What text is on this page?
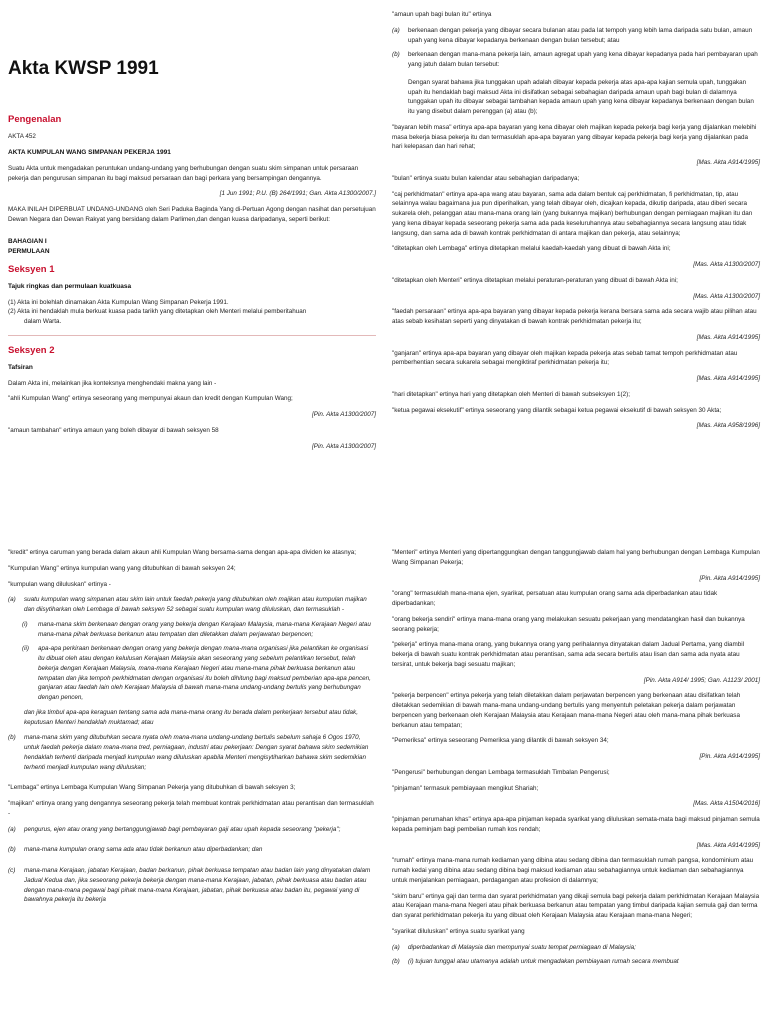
Akta KWSP 1991
Pengenalan

AKTA 452

AKTA KUMPULAN WANG SIMPANAN PEKERJA 1991

Suatu Akta untuk mengadakan peruntukan undang-undang yang berhubungan dengan suatu skim simpanan untuk persaraan pekerja dan pengurusan simpanan itu bagi maksud persaraan dan bagi perkara yang bersampingan dengannya.

[1 Jun 1991; P.U. (B) 264/1991; Gan. Akta A1300/2007.]

MAKA INILAH DIPERBUAT UNDANG-UNDANG oleh Seri Paduka Baginda Yang di-Pertuan Agong dengan nasihat dan persetujuan Dewan Negara dan Dewan Rakyat yang bersidang dalam Parlimen,dan dengan kuasa daripadanya, seperti berikut:

BAHAGIAN I
PERMULAAN
Seksyen 1

Tajuk ringkas dan permulaan kuatkuasa

(1) Akta ini bolehlah dinamakan Akta Kumpulan Wang Simpanan Pekerja 1991.
(2) Akta ini hendaklah mula berkuat kuasa pada tarikh yang ditetapkan oleh Menteri melalui pemberitahuan
dalam Warta.
Seksyen 2

Tafsiran

Dalam Akta ini, melainkan jika konteksnya menghendaki makna yang lain -

"ahli Kumpulan Wang" ertinya seseorang yang mempunyai akaun dan kredit dengan Kumpulan Wang;

[Pin. Akta A1300/2007]

"amaun tambahan" ertinya amaun yang boleh dibayar di bawah seksyen 58

[Pin. Akta A1300/2007]

"amaun upah bagi bulan itu" ertinya

(a)	berkenaan dengan pekerja yang dibayar secara bulanan atau pada lat tempoh yang lebih lama daripada satu bulan, amaun upah yang kena dibayar kepadanya berkenaan dengan bulan tersebut; atau
(b)	berkenaan dengan mana-mana pekerja lain, amaun agregat upah yang kena dibayar kepadanya pada hari pembayaran upah yang jatuh dalam bulan tersebut:

Dengan syarat bahawa jika tunggakan upah adalah dibayar kepada pekerja atas apa-apa kajian semula upah, tunggakan upah itu hendaklah bagi maksud Akta ini disifatkan sebagai sebahagian daripada amaun upah bagi bulan di dalamnya tunggakan upah itu dibayar sebagai tambahan kepada amaun upah yang kena dibayar kepadanya berkenaan dengan bulan itu yang disebut dalam perenggan (a) atau (b);

"bayaran lebih masa" ertinya apa-apa bayaran yang kena dibayar oleh majikan kepada pekerja bagi kerja yang dijalankan melebihi masa bekerja biasa pekerja itu dan termasuklah apa-apa bayaran yang dibayar kepada pekerja bagi kerja yang dijalankan pada hari kelepasan dan hari rehat;

[Mas. Akta A914/1995]

"bulan" ertinya suatu bulan kalendar atau sebahagian daripadanya;

"caj perkhidmatan" ertinya apa-apa wang atau bayaran, sama ada dalam bentuk caj perkhidmatan, fi perkhidmatan, tip, atau selainnya walau bagaimana jua pun diperihalkan, yang telah dibayar oleh, dicajkan kepada, dikutip daripada, atau diberi secara sukarela oleh, pelanggan atau mana-mana orang lain (yang bukannya majikan) berhubungan dengan perniagaan majikan itu dan yang kena dibayar kepada seseorang pekerja sama ada pada keseluruhannya atau sebahagiannya secara langsung atau tidak langsung, dan sama ada di bawah kontrak perkhidmatan di antara majikan dan pekerja, atau selainnya;

"ditetapkan oleh Lembaga" ertinya ditetapkan melalui kaedah-kaedah yang dibuat di bawah Akta ini;

[Mas. Akta A1300/2007]

"ditetapkan oleh Menteri" ertinya ditetapkan melalui peraturan-peraturan yang dibuat di bawah Akta ini;

[Mas. Akta A1300/2007]

"faedah persaraan" ertinya apa-apa bayaran yang dibayar kepada pekerja kerana bersara sama ada secara wajib atau pilihan atau atas sebab kesihatan seperti yang dinyatakan di bawah kontrak perkhidmatan pekerja itu;

[Mas. Akta A914/1995]

"ganjaran" ertinya apa-apa bayaran yang dibayar oleh majikan kepada pekerja atas sebab tamat tempoh perkhidmatan atau pemberhentian secara sukarela sebagai mengiktiraf perkhidmatan pekerja itu;

[Mas. Akta A914/1995]

"hari ditetapkan" ertinya hari yang ditetapkan oleh Menteri di bawah subseksyen 1(2);

"ketua pegawai eksekutif" ertinya seseorang yang dilantik sebagai ketua pegawai eksekutif di bawah seksyen 30 Akta;

[Mas. Akta A958/1996]

"kredit" ertinya caruman yang berada dalam akaun ahli Kumpulan Wang bersama-sama dengan apa-apa dividen ke atasnya;

"Kumpulan Wang" ertinya kumpulan wang yang ditubuhkan di bawah seksyen 24;

"kumpulan wang diluluskan" ertinya -

(a)	suatu kumpulan wang simpanan atau skim lain untuk faedah pekerja yang ditubuhkan oleh majikan atau kumpulan majikan dan diisytiharkan oleh Lembaga di bawah seksyen 52 sebagai suatu kumpulan wang diluluskan, dan termasuklah -
(i)	mana-mana skim berkenaan dengan orang yang bekerja dengan Kerajaan Malaysia, mana-mana Kerajaan Negeri atau mana-mana pihak berkuasa berkanun atau tempatan dan diletakkan dalam perjawatan berpencen;
(ii)	apa-apa perkiraan berkenaan dengan orang yang bekerja dengan mana-mana organisasi jika pelantikan ke organisasi itu dibuat oleh atau dengan kelulusan Kerajaan Malaysia akan seseorang yang sebelum pelantikan tersebut, telah bekerja dengan Kerajaan Malaysia, mana-mana Kerajaan Negeri atau mana-mana pihak berkuasa berkanun atau tempatan dan jika tempoh perkhidmatan dengan organisasi itu boleh dihitung bagi maksud pemberian apa-apa pencen, ganjaran atau faedah lain oleh Kerajaan Malaysia di bawah mana-mana undang-undang bertulis yang berhubungan dengan pencen,

dan jika timbul apa-apa keraguan tentang sama ada mana-mana orang itu berada dalam perkerjaan tersebut atau tidak, keputusan Menteri hendaklah muktamad; atau

(b)	mana-mana skim yang ditubuhkan secara nyata oleh mana-mana undang-undang bertulis sebelum sahaja 6 Ogos 1970, untuk faedah pekerja dalam mana-mana tred, perniagaan, industri atau pekerjaan: Dengan syarat bahawa skim sedemikian hendaklah terhenti daripada menjadi kumpulan wang diluluskan apabila Menteri mengisytiharkan bahawa skim sedemikian terhenti menjadi kumpulan wang diluluskan;

"Lembaga" ertinya Lembaga Kumpulan Wang Simpanan Pekerja yang ditubuhkan di bawah seksyen 3;

"majikan" ertinya orang yang dengannya seseorang pekerja telah membuat kontrak perkhidmatan atau perantisan dan termasuklah -

(a)	pengurus, ejen atau orang yang bertanggungjawab bagi pembayaran gaji atau upah kepada seseorang "pekerja";
(b)	mana-mana kumpulan orang sama ada atau tidak berkanun atau diperbadankan; dan
(c)	mana-mana Kerajaan, jabatan Kerajaan, badan berkanun, pihak berkuasa tempatan atau badan lain yang dinyatakan dalam Jadual Kedua dan, jika seseorang pekerja bekerja dengan mana-mana Kerajaan, jabatan, pihak berkuasa atau badan atau dengan mana-mana pegawai bagi pihak mana-mana Kerajaan, jabatan, pihak berkuasa atau badan itu, pegawai yang di bawahnya pekerja itu bekerja

"Menteri" ertinya Menteri yang dipertanggungkan dengan tanggungjawab dalam hal yang berhubungan dengan Lembaga Kumpulan Wang Simpanan Pekerja;

[Pin. Akta A914/1995]

"orang" termasuklah mana-mana ejen, syarikat, persatuan atau kumpulan orang sama ada diperbadankan atau tidak diperbadankan;

"orang bekerja sendiri" ertinya mana-mana orang yang melakukan sesuatu pekerjaan yang mendatangkan hasil dan bukannya seorang pekerja;

"pekerja" ertinya mana-mana orang, yang bukannya orang yang perihalannya dinyatakan dalam Jadual Pertama, yang diambil bekerja di bawah suatu kontrak perkhidmatan atau perantisan, sama ada secara bertulis atau lisan dan sama ada nyata atau tersirat, untuk bekerja bagi sesuatu majikan;

[Pin. Akta A914/ 1995; Gan. A1123/ 2001]

"pekerja berpencen" ertinya pekerja yang telah diletakkan dalam perjawatan berpencen yang berkenaan atau disifatkan telah diletakkan sedemikian di bawah mana-mana undang-undang bertulis yang menyentuh peletakan pekerja dalam perjawatan berpencen yang berkenaan oleh Kerajaan Malaysia atau Kerajaan mana-mana Negeri atau oleh mana-mana pihak berkuasa berkanun atau tempatan;

"Pemeriksa" ertinya seseorang Pemeriksa yang dilantik di bawah seksyen 34;

[Pin. Akta A914/1995]

"Pengerusi" berhubungan dengan Lembaga termasuklah Timbalan Pengerusi;

"pinjaman" termasuk pembiayaan mengikut Shariah;

[Mas. Akta A1504/2016]

"pinjaman perumahan khas" ertinya apa-apa pinjaman kepada syarikat yang diluluskan semata-mata bagi maksud pinjaman semula kepada peminjam bagi pembelian rumah kos rendah;

[Mas. Akta A914/1995]

"rumah" ertinya mana-mana rumah kediaman yang dibina atau sedang dibina dan termasuklah rumah pangsa, kondominium atau rumah kedai yang dibina atau sedang dibina bagi maksud kediaman atau sebahagiannya untuk kediaman dan sebahagiannya untuk menjalankan perniagaan, perdagangan atau profesion di dalamnya;

"skim baru" ertinya gaji dan terma dan syarat perkhidmatan yang dikaji semula bagi pekerja dalam perkhidmatan Kerajaan Malaysia atau Kerajaan mana-mana Negeri atau pihak berkuasa berkanun atau tempatan yang timbul daripada kajian semula gaji dan terma dan syarat perkhidmatan pekerja itu yang dibuat oleh Kerajaan Malaysia atau Kerajaan mana-mana Negeri;

"syarikat diluluskan" ertinya suatu syarikat yang

(a)	diperbadankan di Malaysia dan mempunyai suatu tempat perniagaan di Malaysia;
(b)	(i) tujuan tunggal atau utamanya adalah untuk mengadakan pembiayaan rumah secara membuat
